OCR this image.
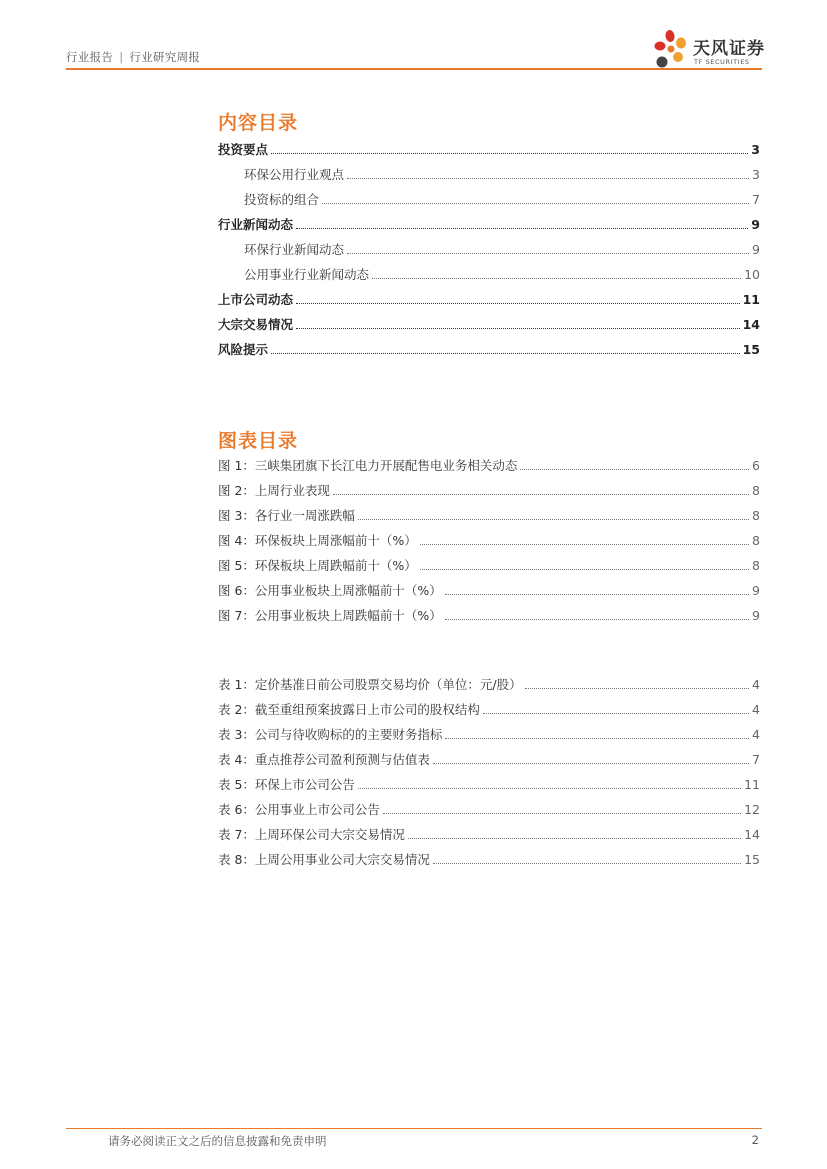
行业报告 | 行业研究周报	天风证券
TF SECURITIES
内容目录
投资要点	3
环保公用行业观点	3
投资标的组合	7
行业新闻动态	9
环保行业新闻动态	9
公用事业行业新闻动态	10
上市公司动态	11
大宗交易情况	14
风险提示	15
图表目录
图 1：三峡集团旗下长江电力开展配售电业务相关动态	6
图 2：上周行业表现	8
图 3：各行业一周涨跌幅	8
图 4：环保板块上周涨幅前十（%）	8
图 5：环保板块上周跌幅前十（%）	8
图 6：公用事业板块上周涨幅前十（%）	9
图 7：公用事业板块上周跌幅前十（%）	9
表 1：定价基准日前公司股票交易均价（单位：元/股）	4
表 2：截至重组预案披露日上市公司的股权结构	4
表 3：公司与待收购标的的主要财务指标	4
表 4：重点推荐公司盈利预测与估值表	7
表 5：环保上市公司公告	11
表 6：公用事业上市公司公告	12
表 7：上周环保公司大宗交易情况	14
表 8：上周公用事业公司大宗交易情况	15
请务必阅读正文之后的信息披露和免责申明	2
